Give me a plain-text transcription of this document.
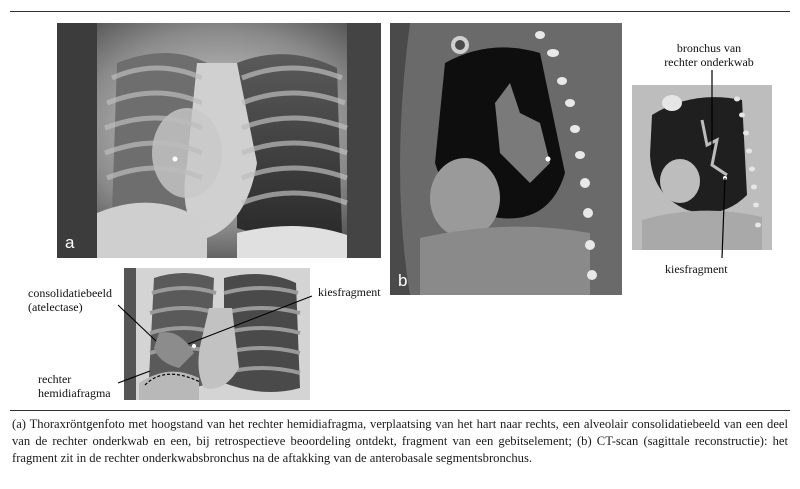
a
b
bronchus van
rechter onderkwab
kiesfragment
consolidatiebeeld
(atelectase)
kiesfragment
rechter
hemidiafragma
(a) Thoraxröntgenfoto met hoogstand van het rechter hemidiafragma, verplaatsing van het hart naar rechts, een alveolair consolidatiebeeld van een deel van de rechter onderkwab en een, bij retrospectieve beoordeling ontdekt, fragment van een gebitselement; (b) CT-scan (sagittale reconstructie): het fragment zit in de rechter onderkwabsbronchus na de aftakking van de anterobasale segmentsbronchus.
